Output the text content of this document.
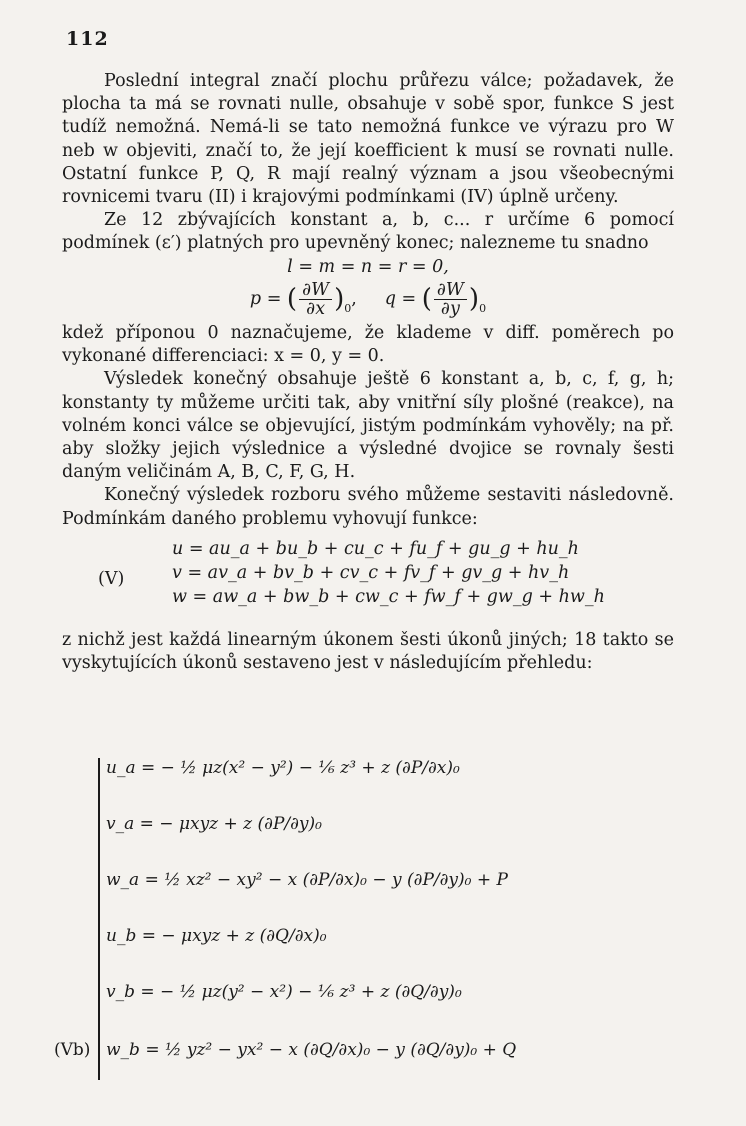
112

Poslední integral značí plochu průřezu válce; požadavek, že plocha ta má se rovnati nulle, obsahuje v sobě spor, funkce S jest tudíž nemožná. Nemá-li se tato nemožná funkce ve výrazu pro W neb w objeviti, značí to, že její koefficient k musí se rovnati nulle. Ostatní funkce P, Q, R mají realný význam a jsou všeobecnými rovnicemi tvaru (II) i krajovými podmínkami (IV) úplně určeny.

Ze 12 zbývajících konstant a, b, c... r určíme 6 pomocí podmínek (ε′) platných pro upevněný konec; nalezneme tu snadno

l = m = n = r = 0,

p = ( $\frac{\partial W}{\partial x} )_0$,     q = ( $\frac{\partial W}{\partial y} )_0$

kdež příponou 0 naznačujeme, že klademe v diff. poměrech po vykonané differenciaci: x = 0, y = 0.

Výsledek konečný obsahuje ještě 6 konstant a, b, c, f, g, h; konstanty ty můžeme určiti tak, aby vnitřní síly plošné (reakce), na volném konci válce se objevující, jistým podmínkám vyhověly; na př. aby složky jejich výslednice a výsledné dvojice se rovnaly šesti daným veličinám A, B, C, F, G, H.

Konečný výsledek rozboru svého můžeme sestaviti následovně. Podmínkám daného problemu vyhovují funkce:

(V)
u = au_a + bu_b + cu_c + fu_f + gu_g + hu_h
v = av_a + bv_b + cv_c + fv_f + gv_g + hv_h
w = aw_a + bw_b + cw_c + fw_f + gw_g + hw_h

z nichž jest každá linearným úkonem šesti úkonů jiných; 18 takto se vyskytujících úkonů sestaveno jest v následujícím přehledu:

(Vb)
u_a = − ½ μz(x² − y²) − ⅙ z³ + z (∂P/∂x)₀
v_a = − μxyz + z (∂P/∂y)₀
w_a = ½ xz² − xy² − x (∂P/∂x)₀ − y (∂P/∂y)₀ + P
u_b = − μxyz + z (∂Q/∂x)₀
v_b = − ½ μz(y² − x²) − ⅙ z³ + z (∂Q/∂y)₀
w_b = ½ yz² − yx² − x (∂Q/∂x)₀ − y (∂Q/∂y)₀ + Q
